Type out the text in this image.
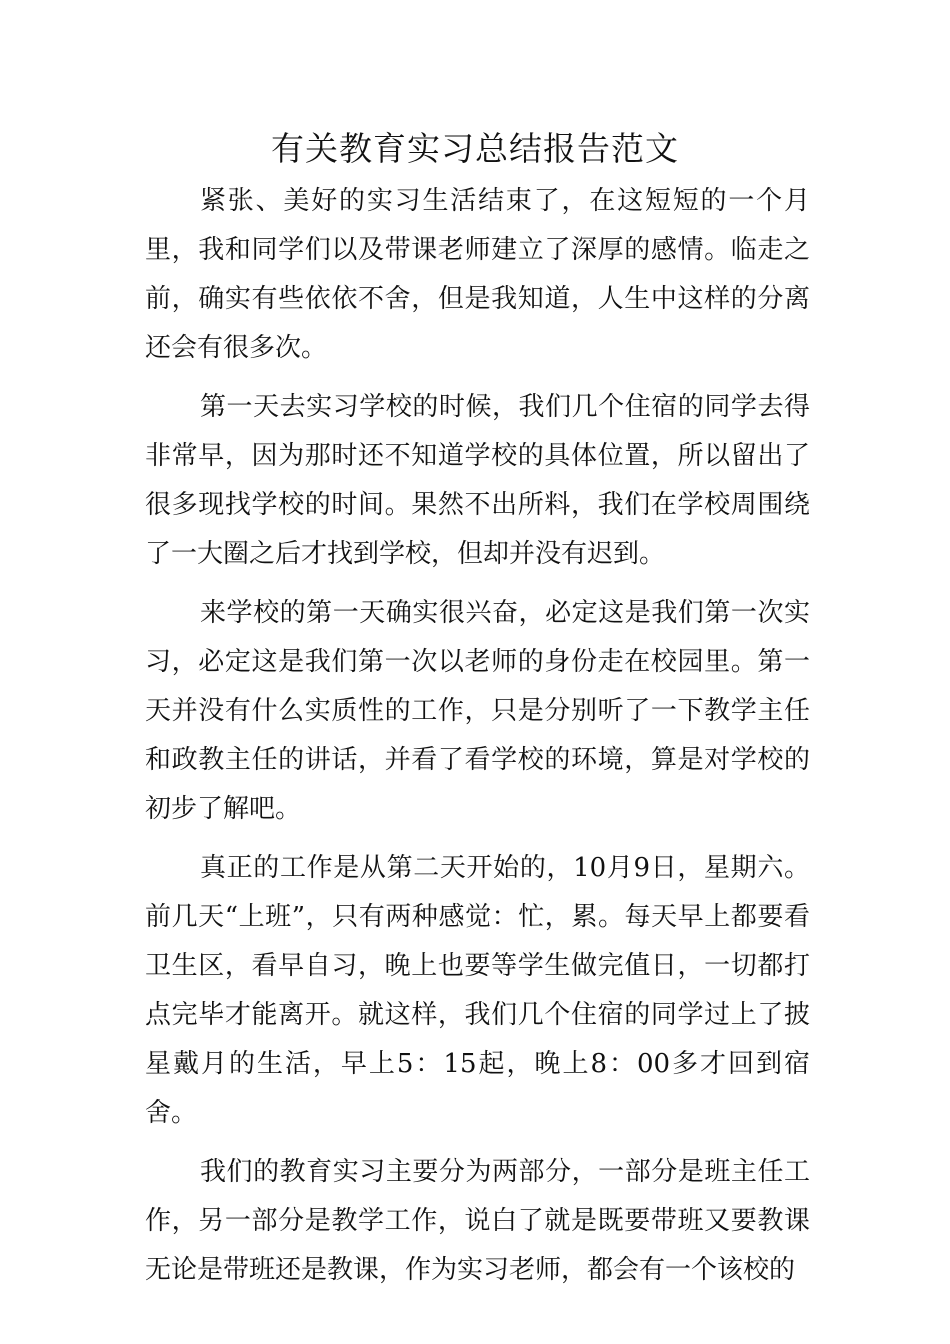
有关教育实习总结报告范文

紧张、美好的实习生活结束了，在这短短的一个月里，我和同学们以及带课老师建立了深厚的感情。临走之前，确实有些依依不舍，但是我知道，人生中这样的分离还会有很多次。

第一天去实习学校的时候，我们几个住宿的同学去得非常早，因为那时还不知道学校的具体位置，所以留出了很多现找学校的时间。果然不出所料，我们在学校周围绕了一大圈之后才找到学校，但却并没有迟到。

来学校的第一天确实很兴奋，必定这是我们第一次实习，必定这是我们第一次以老师的身份走在校园里。第一天并没有什么实质性的工作，只是分别听了一下教学主任和政教主任的讲话，并看了看学校的环境，算是对学校的初步了解吧。

真正的工作是从第二天开始的，10月9日，星期六。前几天“上班”，只有两种感觉：忙，累。每天早上都要看卫生区，看早自习，晚上也要等学生做完值日，一切都打点完毕才能离开。就这样，我们几个住宿的同学过上了披星戴月的生活，早上5：15起，晚上8：00多才回到宿舍。

我们的教育实习主要分为两部分，一部分是班主任工作，另一部分是教学工作，说白了就是既要带班又要教课无论是带班还是教课，作为实习老师，都会有一个该校的
